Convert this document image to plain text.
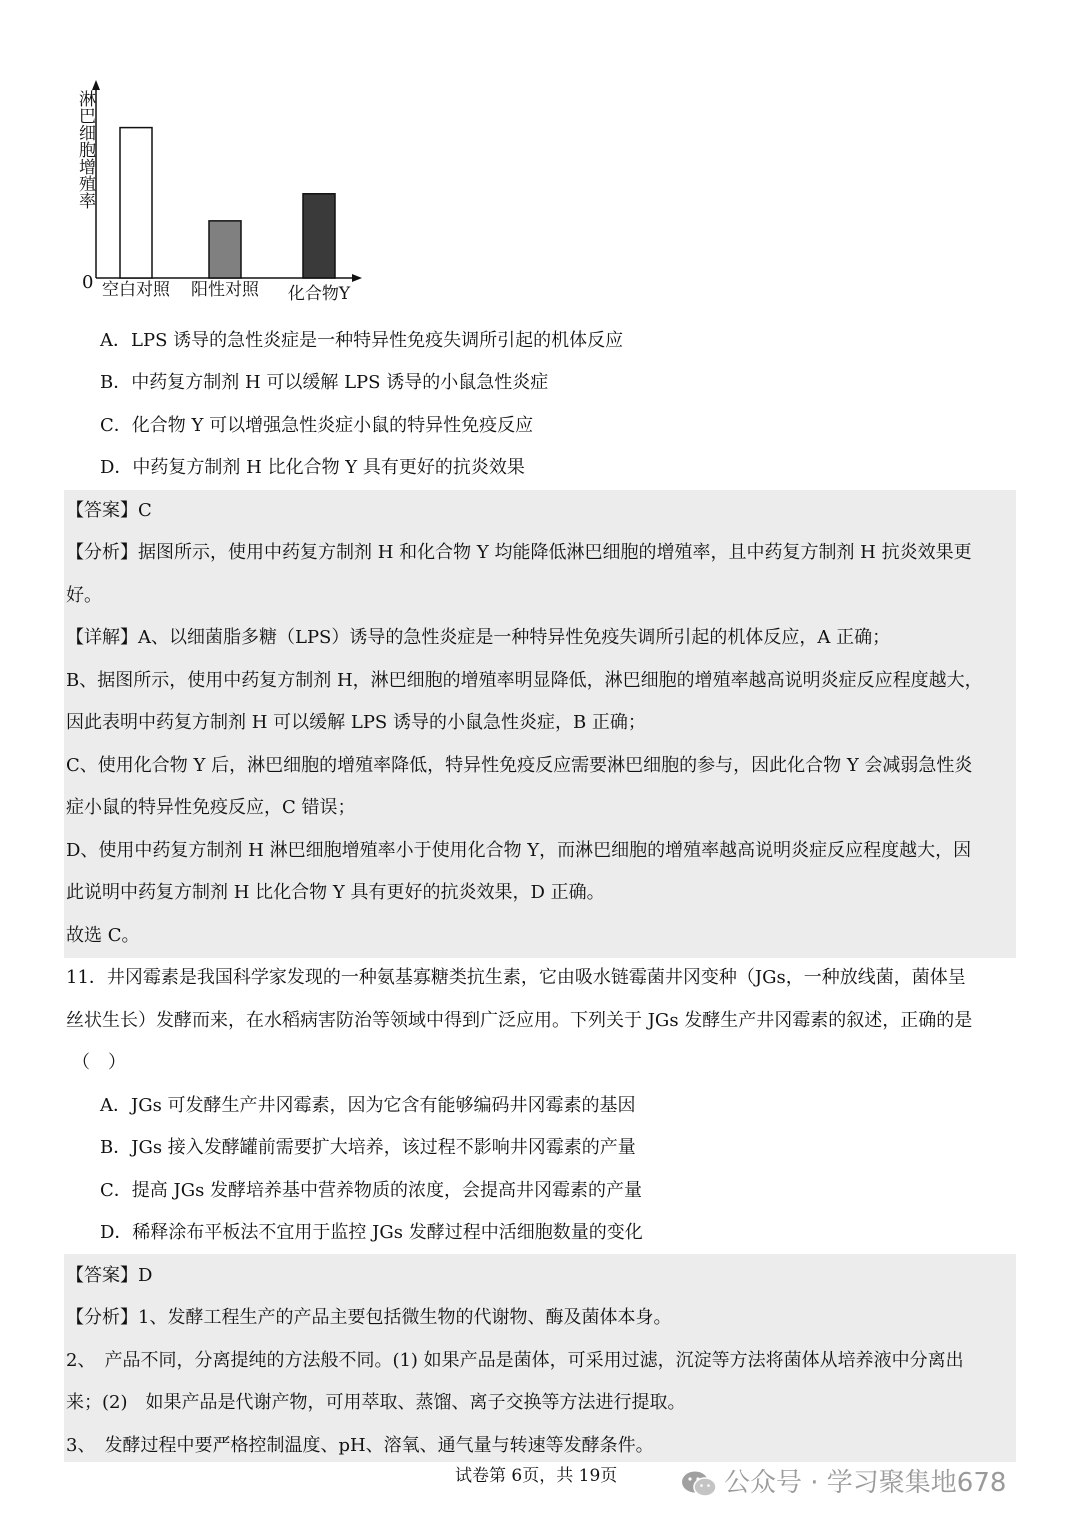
0 空白对照 阳性对照 化合物Y
淋巴细胞增殖率
A．LPS 诱导的急性炎症是一种特异性免疫失调所引起的机体反应
B．中药复方制剂 H 可以缓解 LPS 诱导的小鼠急性炎症
C．化合物 Y 可以增强急性炎症小鼠的特异性免疫反应
D．中药复方制剂 H 比化合物 Y 具有更好的抗炎效果
【答案】C
【分析】据图所示，使用中药复方制剂 H 和化合物 Y 均能降低淋巴细胞的增殖率，且中药复方制剂 H 抗炎效果更
好。
【详解】A、以细菌脂多糖（LPS）诱导的急性炎症是一种特异性免疫失调所引起的机体反应，A 正确；
B、据图所示，使用中药复方制剂 H，淋巴细胞的增殖率明显降低，淋巴细胞的增殖率越高说明炎症反应程度越大，
因此表明中药复方制剂 H 可以缓解 LPS 诱导的小鼠急性炎症，B 正确；
C、使用化合物 Y 后，淋巴细胞的增殖率降低，特异性免疫反应需要淋巴细胞的参与，因此化合物 Y 会减弱急性炎
症小鼠的特异性免疫反应，C 错误；
D、使用中药复方制剂 H 淋巴细胞增殖率小于使用化合物 Y，而淋巴细胞的增殖率越高说明炎症反应程度越大，因
此说明中药复方制剂 H 比化合物 Y 具有更好的抗炎效果，D 正确。
故选 C。
11．井冈霉素是我国科学家发现的一种氨基寡糖类抗生素，它由吸水链霉菌井冈变种（JGs，一种放线菌，菌体呈
丝状生长）发酵而来，在水稻病害防治等领域中得到广泛应用。下列关于 JGs 发酵生产井冈霉素的叙述，正确的是
（　）
A．JGs 可发酵生产井冈霉素，因为它含有能够编码井冈霉素的基因
B．JGs 接入发酵罐前需要扩大培养，该过程不影响井冈霉素的产量
C．提高 JGs 发酵培养基中营养物质的浓度，会提高井冈霉素的产量
D．稀释涂布平板法不宜用于监控 JGs 发酵过程中活细胞数量的变化
【答案】D
【分析】1、发酵工程生产的产品主要包括微生物的代谢物、酶及菌体本身。
2、　产品不同，分离提纯的方法般不同。(1) 如果产品是菌体，可采用过滤，沉淀等方法将菌体从培养液中分离出
来；(2)　如果产品是代谢产物，可用萃取、蒸馏、离子交换等方法进行提取。
3、　发酵过程中要严格控制温度、pH、溶氧、通气量与转速等发酵条件。
试卷第 6页，共 19页	公众号 · 学习聚集地678
